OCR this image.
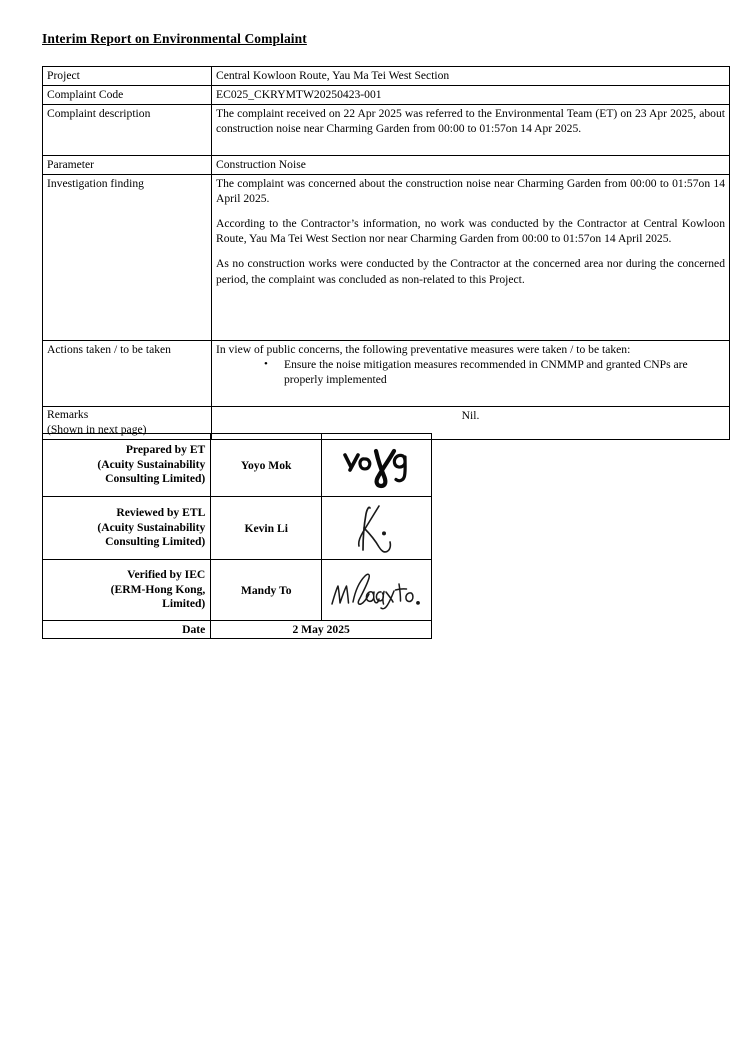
Interim Report on Environmental Complaint
Project	Central Kowloon Route, Yau Ma Tei West Section
Complaint Code	EC025_CKRYMTW20250423-001
Complaint description	The complaint received on 22 Apr 2025 was referred to the Environmental Team (ET) on 23 Apr 2025, about construction noise near Charming Garden from 00:00 to 01:57on 14 Apr 2025.
Parameter	Construction Noise
Investigation finding	The complaint was concerned about the construction noise near Charming Garden from 00:00 to 01:57on 14 April 2025.

According to the Contractor’s information, no work was conducted by the Contractor at Central Kowloon Route, Yau Ma Tei West Section nor near Charming Garden from 00:00 to 01:57on 14 April 2025.

As no construction works were conducted by the Contractor at the concerned area nor during the concerned period, the complaint was concluded as non-related to this Project.

Actions taken / to be taken	In view of public concerns, the following preventative measures were taken / to be taken:

• Ensure the noise mitigation measures recommended in CNMMP and granted CNPs are properly implemented

Remarks
(Shown in next page)	Nil.
Prepared by ET
(Acuity Sustainability
Consulting Limited)	Yoyo Mok	

Reviewed by ETL
(Acuity Sustainability
Consulting Limited)	Kevin Li	

Verified by IEC
(ERM-Hong Kong,
Limited)	Mandy To	

Date	2 May 2025	
